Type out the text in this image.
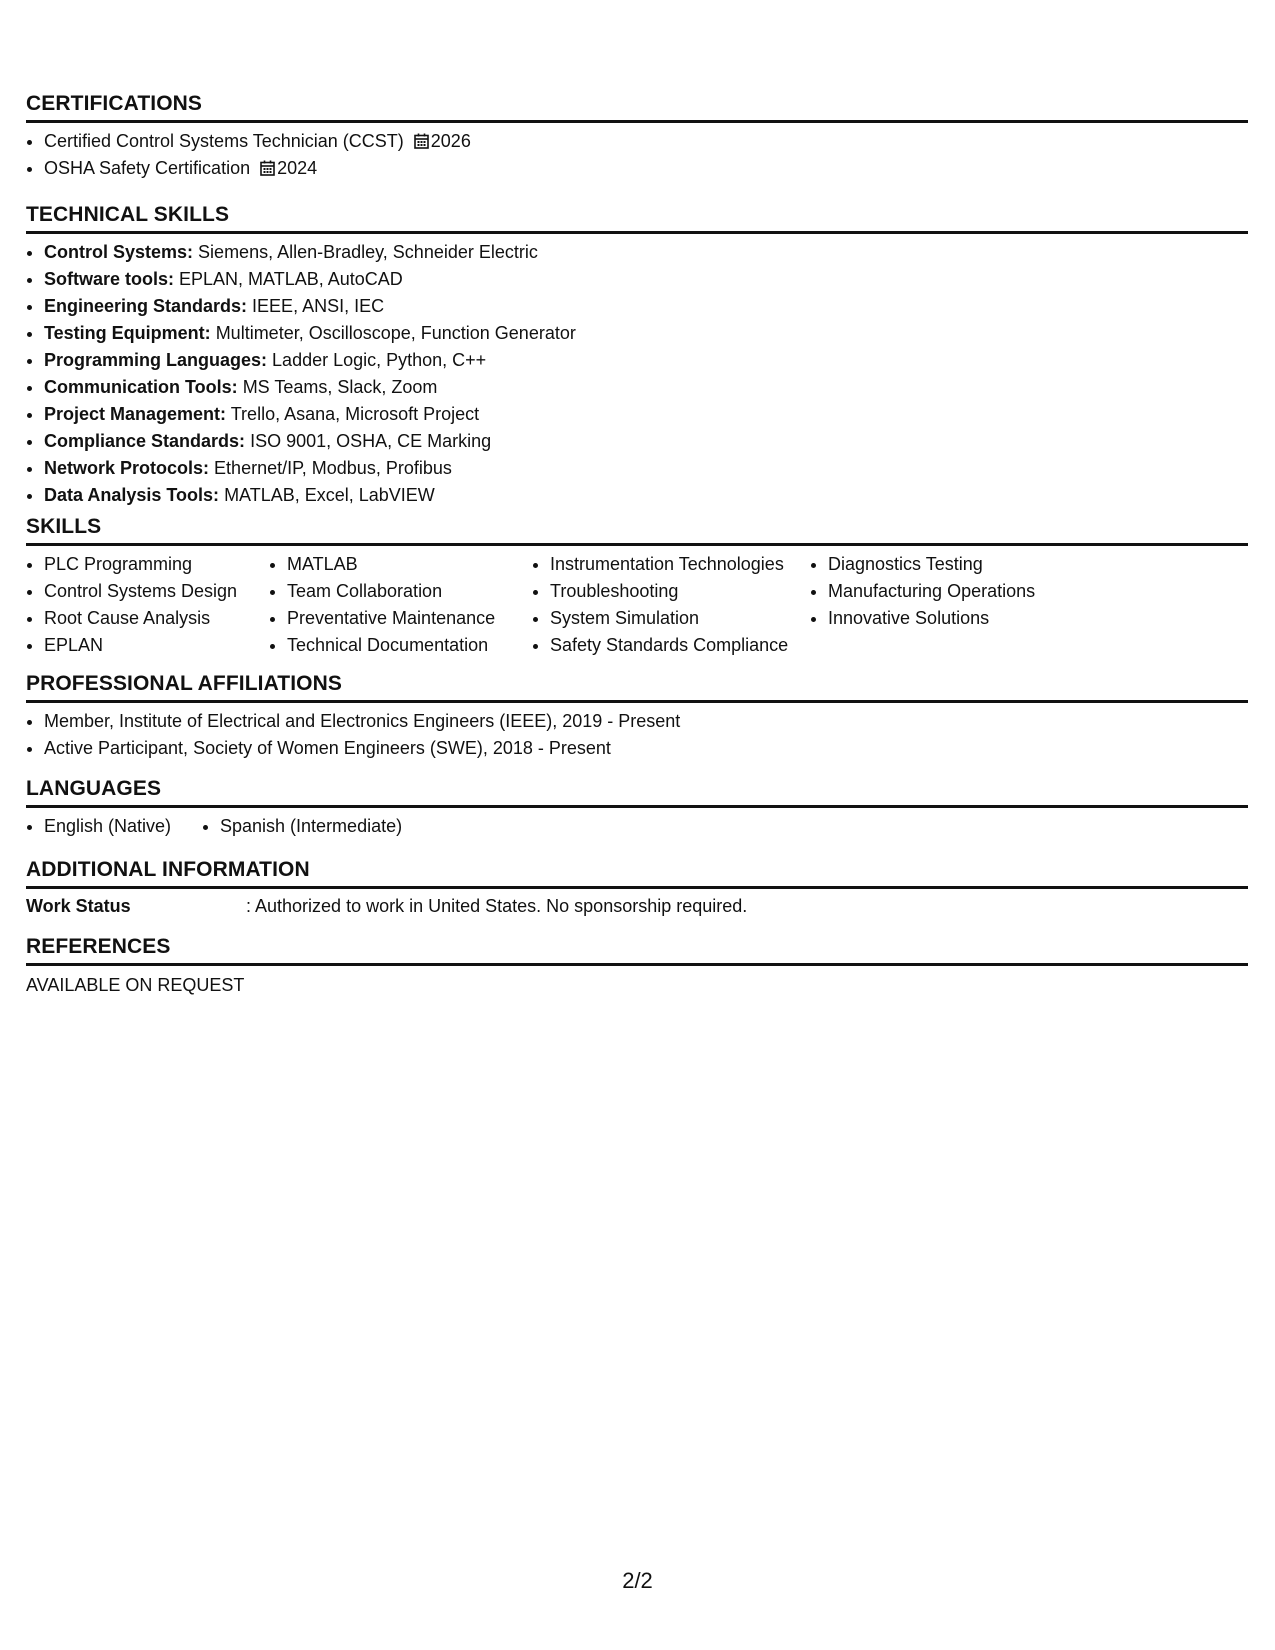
CERTIFICATIONS
• Certified Control Systems Technician (CCST) 2026
• OSHA Safety Certification 2024
TECHNICAL SKILLS
• Control Systems: Siemens, Allen-Bradley, Schneider Electric
• Software tools: EPLAN, MATLAB, AutoCAD
• Engineering Standards: IEEE, ANSI, IEC
• Testing Equipment: Multimeter, Oscilloscope, Function Generator
• Programming Languages: Ladder Logic, Python, C++
• Communication Tools: MS Teams, Slack, Zoom
• Project Management: Trello, Asana, Microsoft Project
• Compliance Standards: ISO 9001, OSHA, CE Marking
• Network Protocols: Ethernet/IP, Modbus, Profibus
• Data Analysis Tools: MATLAB, Excel, LabVIEW
SKILLS
• PLC Programming
• Control Systems Design
• Root Cause Analysis
• EPLAN
• MATLAB
• Team Collaboration
• Preventative Maintenance
• Technical Documentation
• Instrumentation Technologies
• Troubleshooting
• System Simulation
• Safety Standards Compliance
• Diagnostics Testing
• Manufacturing Operations
• Innovative Solutions
PROFESSIONAL AFFILIATIONS
• Member, Institute of Electrical and Electronics Engineers (IEEE), 2019 - Present
• Active Participant, Society of Women Engineers (SWE), 2018 - Present
LANGUAGES
• English (Native)
•	Spanish (Intermediate)
ADDITIONAL INFORMATION
Work Status	: Authorized to work in United States. No sponsorship required.
REFERENCES
AVAILABLE ON REQUEST
2/2
